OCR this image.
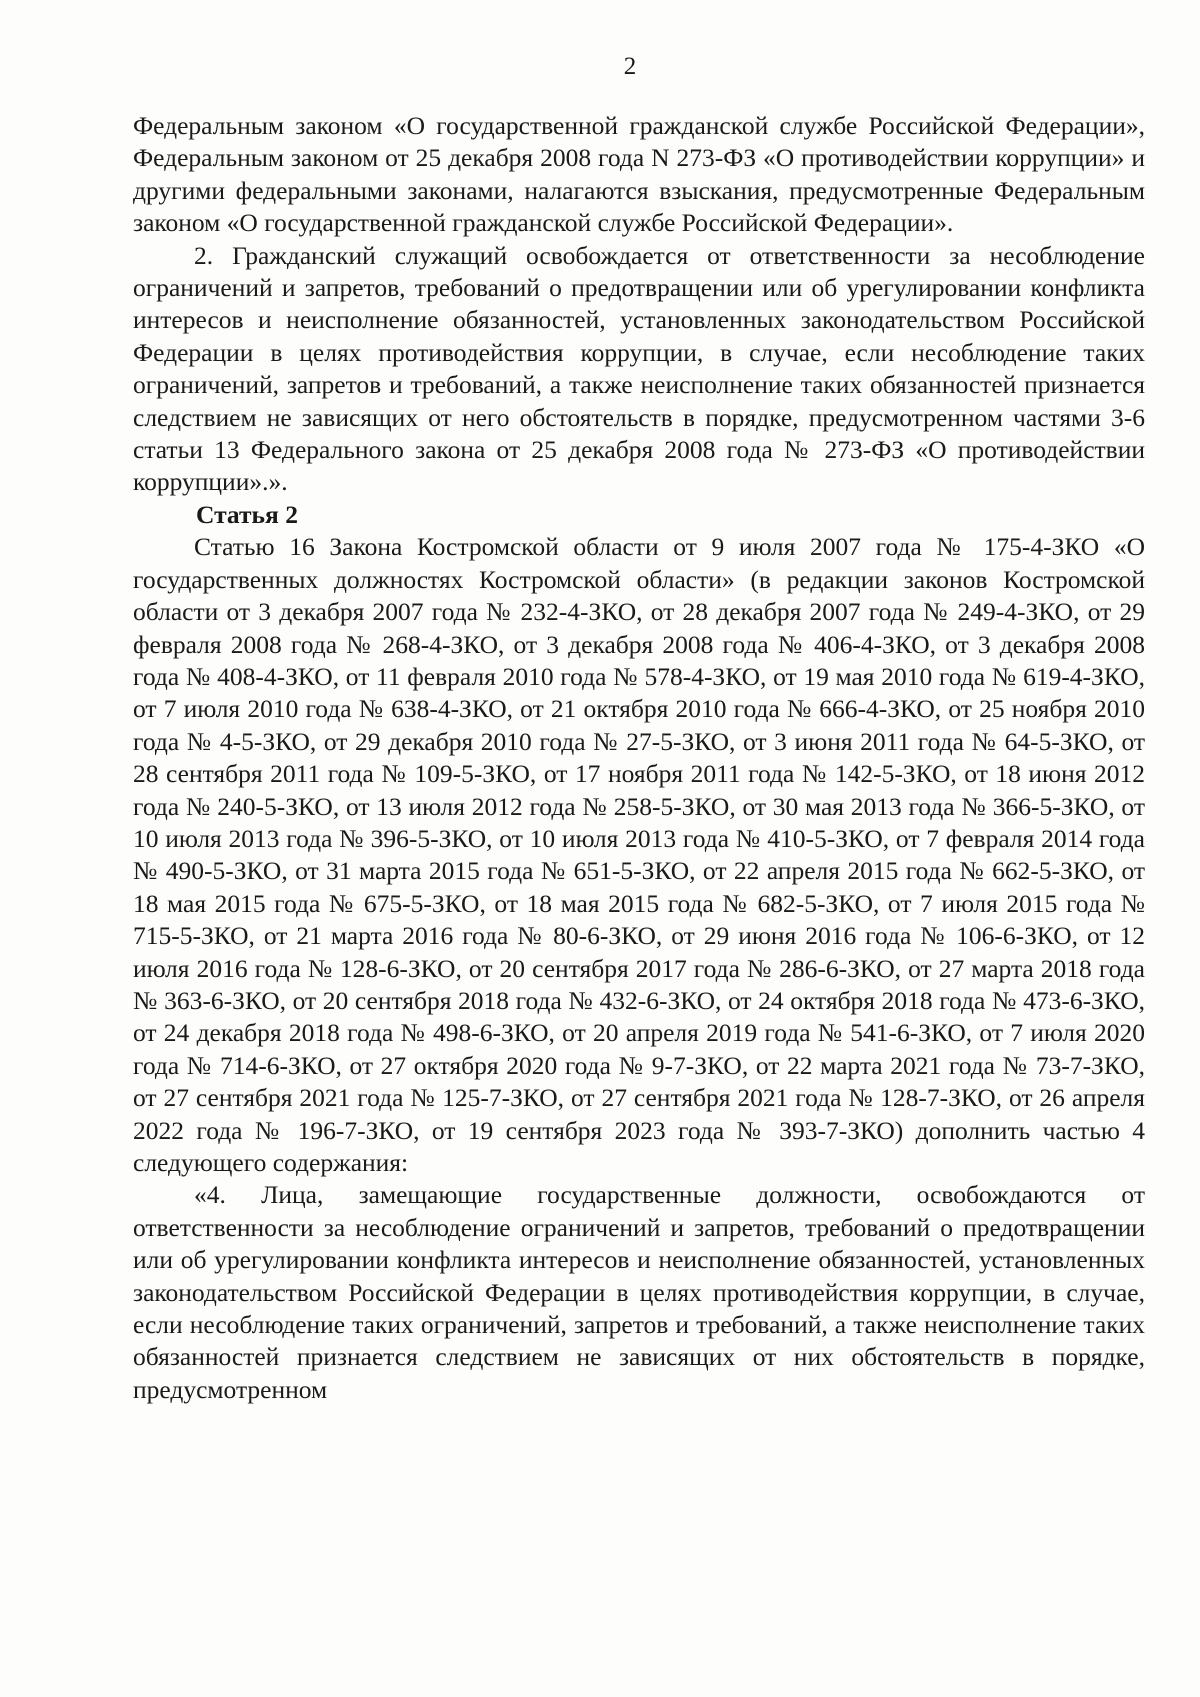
2

Федеральным законом «О государственной гражданской службе Российской Федерации», Федеральным законом от 25 декабря 2008 года N 273-ФЗ «О противодействии коррупции» и другими федеральными законами, налагаются взыскания, предусмотренные Федеральным законом «О государственной гражданской службе Российской Федерации».

2. Гражданский служащий освобождается от ответственности за несоблюдение ограничений и запретов, требований о предотвращении или об урегулировании конфликта интересов и неисполнение обязанностей, установленных законодательством Российской Федерации в целях противодействия коррупции, в случае, если несоблюдение таких ограничений, запретов и требований, а также неисполнение таких обязанностей признается следствием не зависящих от него обстоятельств в порядке, предусмотренном частями 3-6 статьи 13 Федерального закона от 25 декабря 2008 года № 273-ФЗ «О противодействии коррупции».».

Статья 2

Статью 16 Закона Костромской области от 9 июля 2007 года № 175-4-ЗКО «О государственных должностях Костромской области» (в редакции законов Костромской области от 3 декабря 2007 года № 232-4-ЗКО, от 28 декабря 2007 года № 249-4-ЗКО, от 29 февраля 2008 года № 268-4-ЗКО, от 3 декабря 2008 года № 406-4-ЗКО, от 3 декабря 2008 года № 408-4-ЗКО, от 11 февраля 2010 года № 578-4-ЗКО, от 19 мая 2010 года № 619-4-ЗКО, от 7 июля 2010 года № 638-4-ЗКО, от 21 октября 2010 года № 666-4-ЗКО, от 25 ноября 2010 года № 4-5-ЗКО, от 29 декабря 2010 года № 27-5-ЗКО, от 3 июня 2011 года № 64-5-ЗКО, от 28 сентября 2011 года № 109-5-ЗКО, от 17 ноября 2011 года № 142-5-ЗКО, от 18 июня 2012 года № 240-5-ЗКО, от 13 июля 2012 года № 258-5-ЗКО, от 30 мая 2013 года № 366-5-ЗКО, от 10 июля 2013 года № 396-5-ЗКО, от 10 июля 2013 года № 410-5-ЗКО, от 7 февраля 2014 года № 490-5-ЗКО, от 31 марта 2015 года № 651-5-ЗКО, от 22 апреля 2015 года № 662-5-ЗКО, от 18 мая 2015 года № 675-5-ЗКО, от 18 мая 2015 года № 682-5-ЗКО, от 7 июля 2015 года № 715-5-ЗКО, от 21 марта 2016 года № 80-6-ЗКО, от 29 июня 2016 года № 106-6-ЗКО, от 12 июля 2016 года № 128-6-ЗКО, от 20 сентября 2017 года № 286-6-ЗКО, от 27 марта 2018 года № 363-6-ЗКО, от 20 сентября 2018 года № 432-6-ЗКО, от 24 октября 2018 года № 473-6-ЗКО, от 24 декабря 2018 года № 498-6-ЗКО, от 20 апреля 2019 года № 541-6-ЗКО, от 7 июля 2020 года № 714-6-ЗКО, от 27 октября 2020 года № 9-7-ЗКО, от 22 марта 2021 года № 73-7-ЗКО, от 27 сентября 2021 года № 125-7-ЗКО, от 27 сентября 2021 года № 128-7-ЗКО, от 26 апреля 2022 года № 196-7-ЗКО, от 19 сентября 2023 года № 393-7-ЗКО) дополнить частью 4 следующего содержания:

«4. Лица, замещающие государственные должности, освобождаются от ответственности за несоблюдение ограничений и запретов, требований о предотвращении или об урегулировании конфликта интересов и неисполнение обязанностей, установленных законодательством Российской Федерации в целях противодействия коррупции, в случае, если несоблюдение таких ограничений, запретов и требований, а также неисполнение таких обязанностей признается следствием не зависящих от них обстоятельств в порядке, предусмотренном
